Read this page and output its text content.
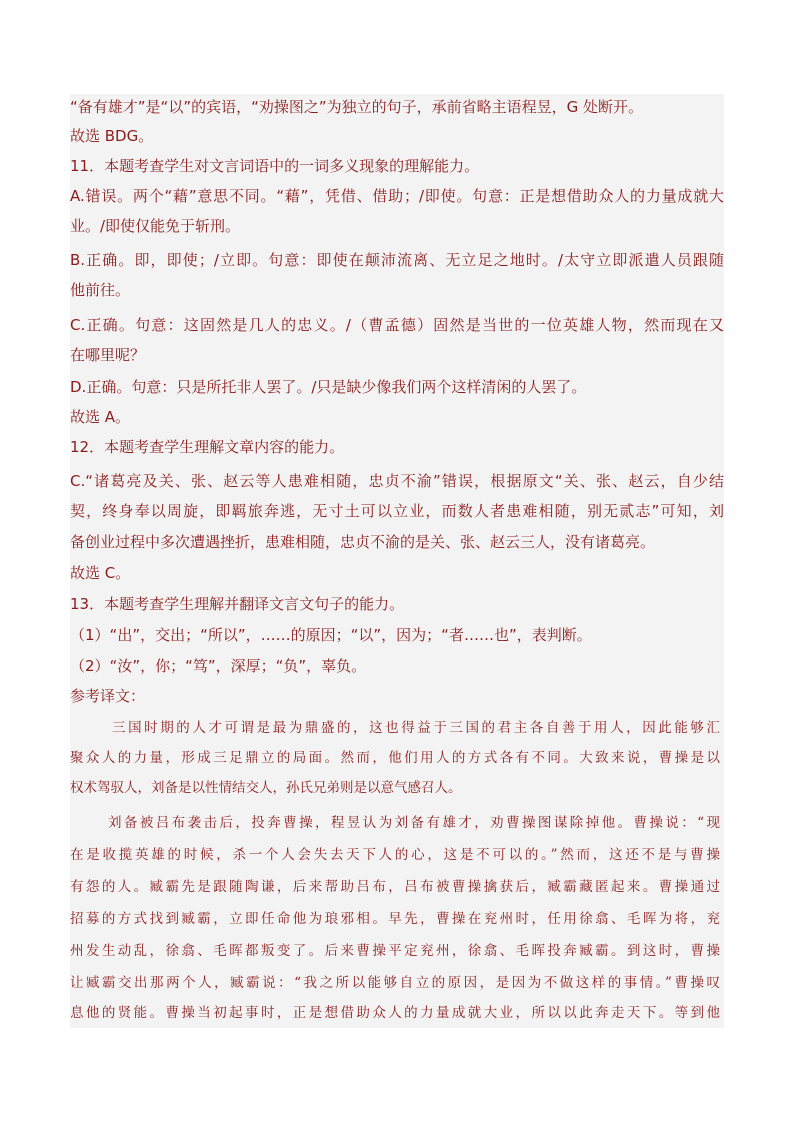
“备有雄才”是“以”的宾语，“劝操图之”为独立的句子，承前省略主语程昱，G 处断开。
故选 BDG。
11．本题考查学生对文言词语中的一词多义现象的理解能力。
A.错误。两个“藉”意思不同。“藉”，凭借、借助；/即使。句意：正是想借助众人的力量成就大
业。/即使仅能免于斩刑。
B.正确。即，即使；/立即。句意：即使在颠沛流离、无立足之地时。/太守立即派遣人员跟随
他前往。
C.正确。句意：这固然是几人的忠义。/（曹孟德）固然是当世的一位英雄人物，然而现在又
在哪里呢？
D.正确。句意：只是所托非人罢了。/只是缺少像我们两个这样清闲的人罢了。
故选 A。
12．本题考查学生理解文章内容的能力。
C.“诸葛亮及关、张、赵云等人患难相随，忠贞不渝”错误，根据原文“关、张、赵云，自少结
契，终身奉以周旋，即羁旅奔逃，无寸土可以立业，而数人者患难相随，别无贰志”可知，刘
备创业过程中多次遭遇挫折，患难相随，忠贞不渝的是关、张、赵云三人，没有诸葛亮。
故选 C。
13．本题考查学生理解并翻译文言文句子的能力。
（1）“出”，交出；“所以”，……的原因；“以”，因为；“者……也”，表判断。
（2）“汝”，你；“笃”，深厚；“负”，辜负。
参考译文：
三国时期的人才可谓是最为鼎盛的，这也得益于三国的君主各自善于用人，因此能够汇
聚众人的力量，形成三足鼎立的局面。然而，他们用人的方式各有不同。大致来说，曹操是以
权术驾驭人，刘备是以性情结交人，孙氏兄弟则是以意气感召人。
刘备被吕布袭击后，投奔曹操，程昱认为刘备有雄才，劝曹操图谋除掉他。曹操说：“现
在是收揽英雄的时候，杀一个人会失去天下人的心，这是不可以的。”然而，这还不是与曹操
有怨的人。臧霸先是跟随陶谦，后来帮助吕布，吕布被曹操擒获后，臧霸藏匿起来。曹操通过
招募的方式找到臧霸，立即任命他为琅邪相。早先，曹操在兖州时，任用徐翕、毛晖为将，兖
州发生动乱，徐翕、毛晖都叛变了。后来曹操平定兖州，徐翕、毛晖投奔臧霸。到这时，曹操
让臧霸交出那两个人，臧霸说：“我之所以能够自立的原因，是因为不做这样的事情。”曹操叹
息他的贤能。曹操当初起事时，正是想借助众人的力量成就大业，所以以此奔走天下。等到他
